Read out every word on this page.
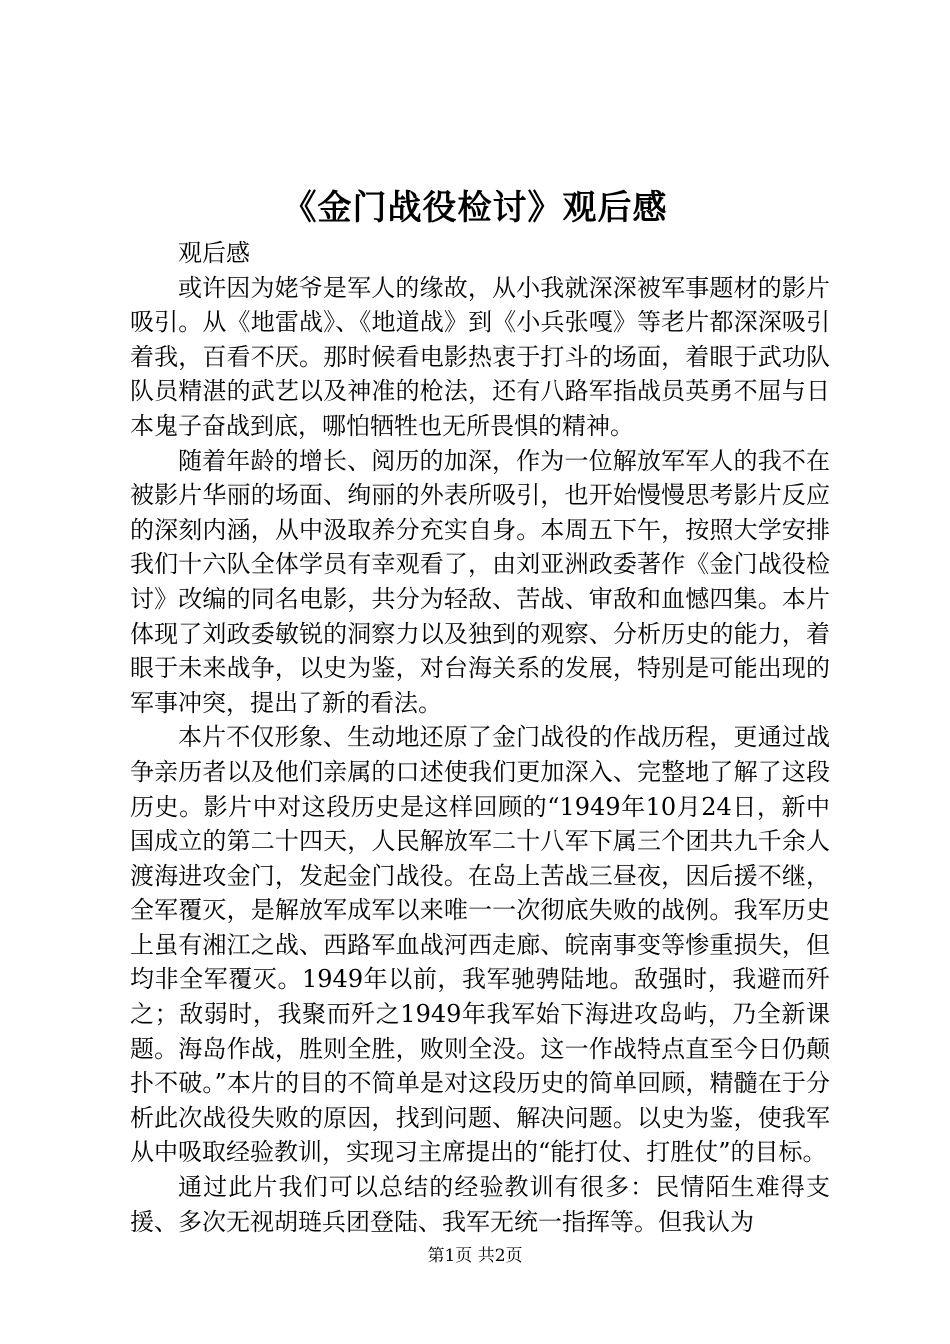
《金门战役检讨》观后感

观后感

或许因为姥爷是军人的缘故，从小我就深深被军事题材的影片吸引。从《地雷战》、《地道战》到《小兵张嘎》等老片都深深吸引着我，百看不厌。那时候看电影热衷于打斗的场面，着眼于武功队队员精湛的武艺以及神准的枪法，还有八路军指战员英勇不屈与日本鬼子奋战到底，哪怕牺牲也无所畏惧的精神。

随着年龄的增长、阅历的加深，作为一位解放军军人的我不在被影片华丽的场面、绚丽的外表所吸引，也开始慢慢思考影片反应的深刻内涵，从中汲取养分充实自身。本周五下午，按照大学安排我们十六队全体学员有幸观看了，由刘亚洲政委著作《金门战役检讨》改编的同名电影，共分为轻敌、苦战、审敌和血憾四集。本片体现了刘政委敏锐的洞察力以及独到的观察、分析历史的能力，着眼于未来战争，以史为鉴，对台海关系的发展，特别是可能出现的军事冲突，提出了新的看法。

本片不仅形象、生动地还原了金门战役的作战历程，更通过战争亲历者以及他们亲属的口述使我们更加深入、完整地了解了这段历史。影片中对这段历史是这样回顾的“1949年10月24日，新中国成立的第二十四天，人民解放军二十八军下属三个团共九千余人渡海进攻金门，发起金门战役。在岛上苦战三昼夜，因后援不继，全军覆灭，是解放军成军以来唯一一次彻底失败的战例。我军历史上虽有湘江之战、西路军血战河西走廊、皖南事变等惨重损失，但均非全军覆灭。1949年以前，我军驰骋陆地。敌强时，我避而歼之；敌弱时，我聚而歼之1949年我军始下海进攻岛屿，乃全新课题。海岛作战，胜则全胜，败则全没。这一作战特点直至今日仍颠扑不破。”本片的目的不简单是对这段历史的简单回顾，精髓在于分析此次战役失败的原因，找到问题、解决问题。以史为鉴，使我军从中吸取经验教训，实现习主席提出的“能打仗、打胜仗”的目标。

通过此片我们可以总结的经验教训有很多：民情陌生难得支援、多次无视胡琏兵团登陆、我军无统一指挥等。但我认为

第1页 共2页
